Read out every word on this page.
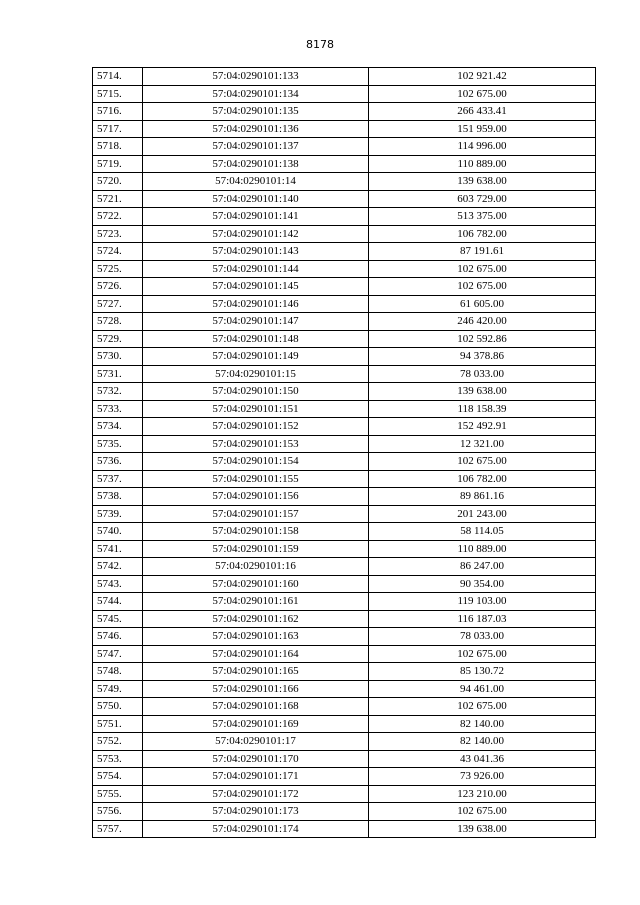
8178
5714.	57:04:0290101:133	102 921.42
5715.	57:04:0290101:134	102 675.00
5716.	57:04:0290101:135	266 433.41
5717.	57:04:0290101:136	151 959.00
5718.	57:04:0290101:137	114 996.00
5719.	57:04:0290101:138	110 889.00
5720.	57:04:0290101:14	139 638.00
5721.	57:04:0290101:140	603 729.00
5722.	57:04:0290101:141	513 375.00
5723.	57:04:0290101:142	106 782.00
5724.	57:04:0290101:143	87 191.61
5725.	57:04:0290101:144	102 675.00
5726.	57:04:0290101:145	102 675.00
5727.	57:04:0290101:146	61 605.00
5728.	57:04:0290101:147	246 420.00
5729.	57:04:0290101:148	102 592.86
5730.	57:04:0290101:149	94 378.86
5731.	57:04:0290101:15	78 033.00
5732.	57:04:0290101:150	139 638.00
5733.	57:04:0290101:151	118 158.39
5734.	57:04:0290101:152	152 492.91
5735.	57:04:0290101:153	12 321.00
5736.	57:04:0290101:154	102 675.00
5737.	57:04:0290101:155	106 782.00
5738.	57:04:0290101:156	89 861.16
5739.	57:04:0290101:157	201 243.00
5740.	57:04:0290101:158	58 114.05
5741.	57:04:0290101:159	110 889.00
5742.	57:04:0290101:16	86 247.00
5743.	57:04:0290101:160	90 354.00
5744.	57:04:0290101:161	119 103.00
5745.	57:04:0290101:162	116 187.03
5746.	57:04:0290101:163	78 033.00
5747.	57:04:0290101:164	102 675.00
5748.	57:04:0290101:165	85 130.72
5749.	57:04:0290101:166	94 461.00
5750.	57:04:0290101:168	102 675.00
5751.	57:04:0290101:169	82 140.00
5752.	57:04:0290101:17	82 140.00
5753.	57:04:0290101:170	43 041.36
5754.	57:04:0290101:171	73 926.00
5755.	57:04:0290101:172	123 210.00
5756.	57:04:0290101:173	102 675.00
5757.	57:04:0290101:174	139 638.00
